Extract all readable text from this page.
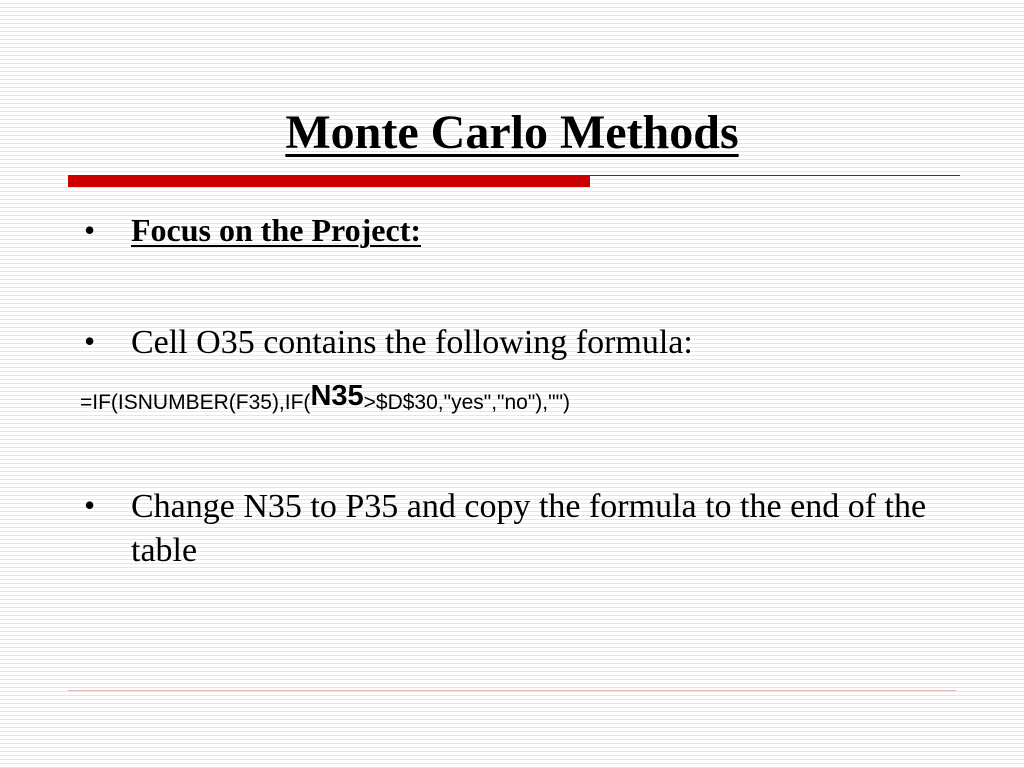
Monte Carlo Methods
• Focus on the Project:
• Cell O35 contains the following formula:
=IF(ISNUMBER(F35),IF(N35>$D$30,"yes","no"),"")
• Change N35 to P35 and copy the formula to the end of the table
